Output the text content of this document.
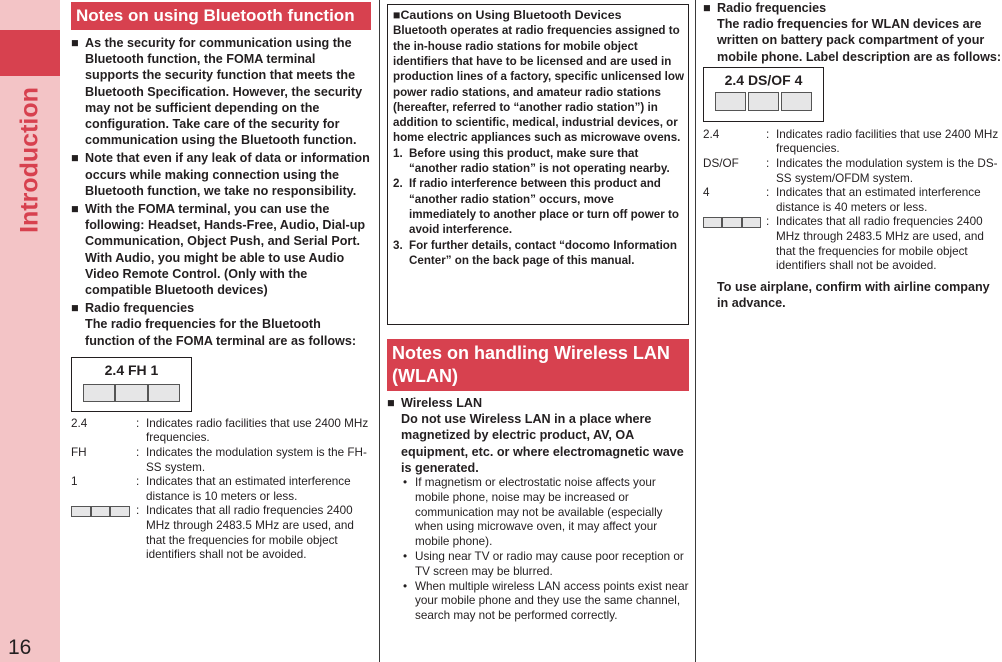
Introduction
16
Notes on using Bluetooth function
■ As the security for communication using the Bluetooth function, the FOMA terminal supports the security function that meets the Bluetooth Specification. However, the security may not be sufficient depending on the configuration. Take care of the security for communication using the Bluetooth function.
■ Note that even if any leak of data or information occurs while making connection using the Bluetooth function, we take no responsibility.
■ With the FOMA terminal, you can use the following: Headset, Hands-Free, Audio, Dial-up Communication, Object Push, and Serial Port. With Audio, you might be able to use Audio Video Remote Control. (Only with the compatible Bluetooth devices)
■ Radio frequencies
The radio frequencies for the Bluetooth function of the FOMA terminal are as follows:
2.4 FH 1
2.4	: Indicates radio facilities that use 2400 MHz frequencies.
FH	: Indicates the modulation system is the FH-SS system.
1	: Indicates that an estimated interference distance is 10 meters or less.
: Indicates that all radio frequencies 2400 MHz through 2483.5 MHz are used, and that the frequencies for mobile object identifiers shall not be avoided.
■ Cautions on Using Bluetooth Devices
Bluetooth operates at radio frequencies assigned to the in-house radio stations for mobile object identifiers that have to be licensed and are used in production lines of a factory, specific unlicensed low power radio stations, and amateur radio stations (hereafter, referred to “another radio station”) in addition to scientific, medical, industrial devices, or home electric appliances such as microwave ovens.
1. Before using this product, make sure that “another radio station” is not operating nearby.
2. If radio interference between this product and “another radio station” occurs, move immediately to another place or turn off power to avoid interference.
3. For further details, contact “docomo Information Center” on the back page of this manual.
Notes on handling Wireless LAN (WLAN)
■ Wireless LAN
Do not use Wireless LAN in a place where magnetized by electric product, AV, OA equipment, etc. or where electromagnetic wave is generated.
• If magnetism or electrostatic noise affects your mobile phone, noise may be increased or communication may not be available (especially when using microwave oven, it may affect your mobile phone).
• Using near TV or radio may cause poor reception or TV screen may be blurred.
• When multiple wireless LAN access points exist near your mobile phone and they use the same channel, search may not be performed correctly.
■ Radio frequencies
The radio frequencies for WLAN devices are written on battery pack compartment of your mobile phone. Label description are as follows:
2.4 DS/OF 4
2.4	: Indicates radio facilities that use 2400 MHz frequencies.
DS/OF	: Indicates the modulation system is the DS-SS system/OFDM system.
4	: Indicates that an estimated interference distance is 40 meters or less.
: Indicates that all radio frequencies 2400 MHz through 2483.5 MHz are used, and that the frequencies for mobile object identifiers shall not be avoided.
To use airplane, confirm with airline company in advance.
